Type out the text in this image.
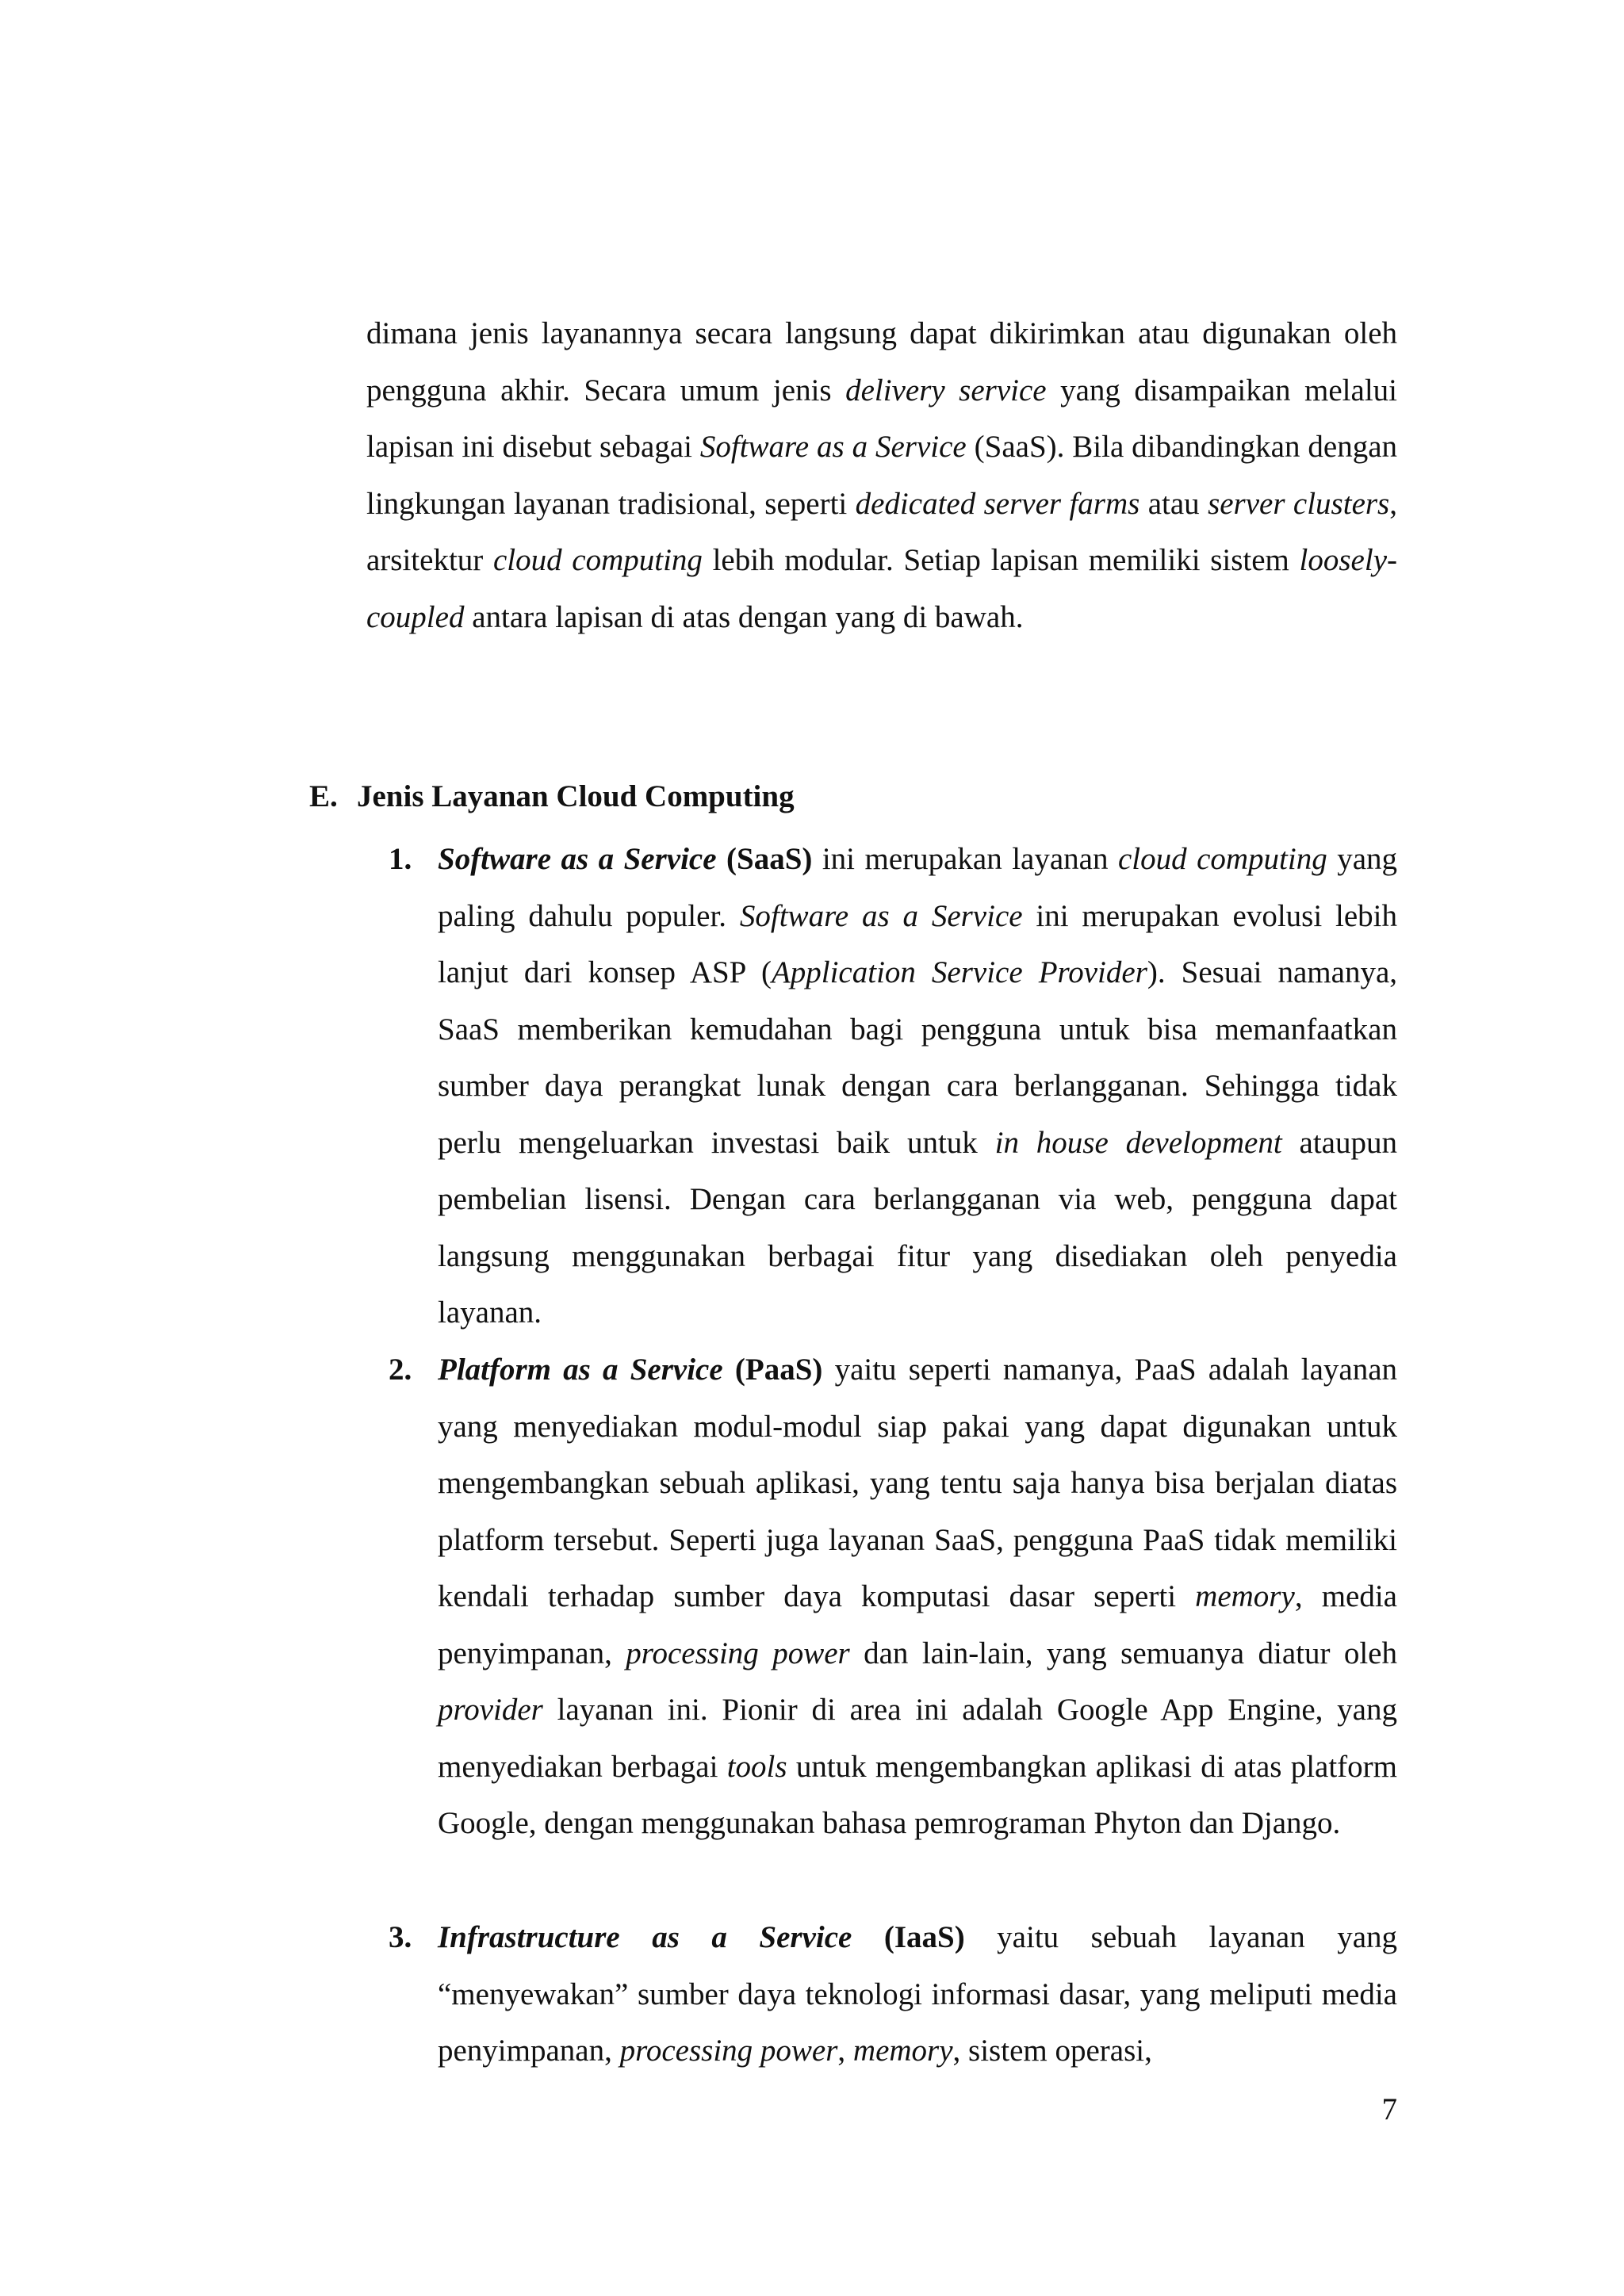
dimana jenis layanannya secara langsung dapat dikirimkan atau digunakan oleh pengguna akhir. Secara umum jenis delivery service yang disampaikan melalui lapisan ini disebut sebagai Software as a Service (SaaS). Bila dibandingkan dengan lingkungan layanan tradisional, seperti dedicated server farms atau server clusters, arsitektur cloud computing lebih modular. Setiap lapisan memiliki sistem loosely-coupled antara lapisan di atas dengan yang di bawah.

E. Jenis Layanan Cloud Computing
1. Software as a Service (SaaS) ini merupakan layanan cloud computing yang paling dahulu populer. Software as a Service ini merupakan evolusi lebih lanjut dari konsep ASP (Application Service Provider). Sesuai namanya, SaaS memberikan kemudahan bagi pengguna untuk bisa memanfaatkan sumber daya perangkat lunak dengan cara berlangganan. Sehingga tidak perlu mengeluarkan investasi baik untuk in house development ataupun pembelian lisensi. Dengan cara berlangganan via web, pengguna dapat langsung menggunakan berbagai fitur yang disediakan oleh penyedia layanan.
2. Platform as a Service (PaaS) yaitu seperti namanya, PaaS adalah layanan yang menyediakan modul-modul siap pakai yang dapat digunakan untuk mengembangkan sebuah aplikasi, yang tentu saja hanya bisa berjalan diatas platform tersebut. Seperti juga layanan SaaS, pengguna PaaS tidak memiliki kendali terhadap sumber daya komputasi dasar seperti memory, media penyimpanan, processing power dan lain-lain, yang semuanya diatur oleh provider layanan ini. Pionir di area ini adalah Google App Engine, yang menyediakan berbagai tools untuk mengembangkan aplikasi di atas platform Google, dengan menggunakan bahasa pemrograman Phyton dan Django.
3. Infrastructure as a Service (IaaS) yaitu sebuah layanan yang “menyewakan” sumber daya teknologi informasi dasar, yang meliputi media penyimpanan, processing power, memory, sistem operasi,
7
